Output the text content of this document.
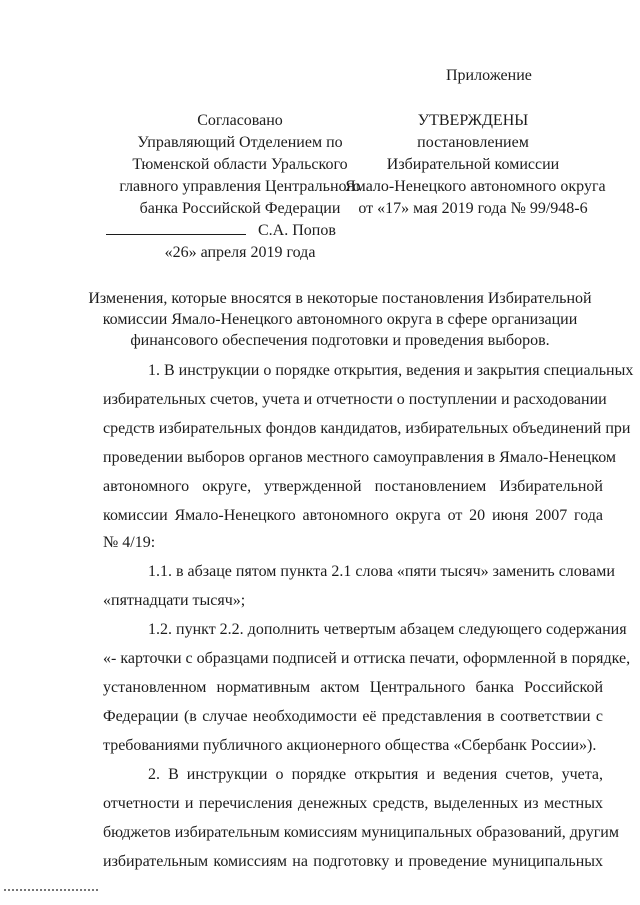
Приложение
Согласовано
Управляющий Отделением по
Тюменской области Уральского
главного управления Центрального
банка Российской Федерации
С.А. Попов
«26» апреля 2019 года
УТВЕРЖДЕНЫ
постановлением
Избирательной комиссии
Ямало-Ненецкого автономного округа
от «17» мая 2019 года № 99/948-6
Изменения, которые вносятся в некоторые постановления Избирательной
комиссии Ямало-Ненецкого автономного округа в сфере организации
финансового обеспечения подготовки и проведения выборов.
1. В инструкции о порядке открытия, ведения и закрытия специальных
избирательных счетов, учета и отчетности о поступлении и расходовании
средств избирательных фондов кандидатов, избирательных объединений при
проведении выборов органов местного самоуправления в Ямало-Ненецком
автономного округе, утвержденной постановлением Избирательной
комиссии Ямало-Ненецкого автономного округа от 20 июня 2007 года
№ 4/19:
1.1. в абзаце пятом пункта 2.1 слова «пяти тысяч» заменить словами
«пятнадцати тысяч»;
1.2. пункт 2.2. дополнить четвертым абзацем следующего содержания
«- карточки с образцами подписей и оттиска печати, оформленной в порядке,
установленном нормативным актом Центрального банка Российской
Федерации (в случае необходимости её представления в соответствии с
требованиями публичного акционерного общества «Сбербанк России»).
2. В инструкции о порядке открытия и ведения счетов, учета,
отчетности и перечисления денежных средств, выделенных из местных
бюджетов избирательным комиссиям муниципальных образований, другим
избирательным комиссиям на подготовку и проведение муниципальных
